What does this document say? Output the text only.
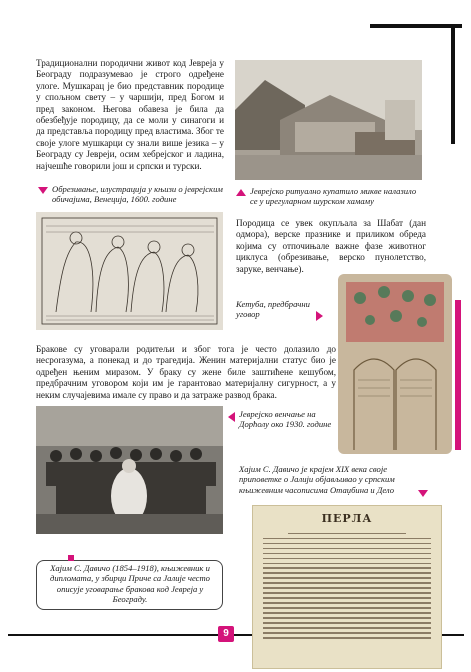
Традиционални породични живот код Јевреја у Београду подразумевао је строго одређене улоге. Мушкарац је био представник породице у спољном свету – у чаршији, пред Богом и пред законом. Његова обавеза је била да обезбеђује породицу, да се моли у синагоги и да представља породицу пред властима. Због те своје улоге мушкарци су знали више језика – у Београду су Јевреји, осим хебрејског и ладина, најчешће говорили још и српски и турски.
Јеврејско ритуално купатило микве налазило се у ирегуларном шурском хамаму
Обрезивање, илустрација у књизи о јеврејским обичајима, Венеција, 1600. године
Породица се увек окупљала за Шабат (дан одмора), верске празнике и приликом обреда којима су отпочињале важне фазе животног циклуса (обрезивање, верско пунолетство, заруке, венчање).
Кетуба, предбрачни уговор
Бракове су уговарали родитељи и због тога је често долазило до несporазума, а понекад и до трагедија. Женин материјални статус био је одређен њеним миразом. У браку су жене биле заштићене кешубом, предбрачним уговором који им је гарантовао материјалну сигурност, а у неким случајевима имале су право и да затраже развод брака.
Јеврејско венчање на Дорћолу око 1930. године
Хајим С. Давичо је крајем XIX века своје приповетке о Јалији објављивао у српским књижевним часописима Отаџбина и Дело
ПЕРЛА
Хајим С. Давичо (1854–1918), књижевник и дипломата, у збирци Приче са Јалије често описује уговарање бракова код Јевреја у Београду.
9
